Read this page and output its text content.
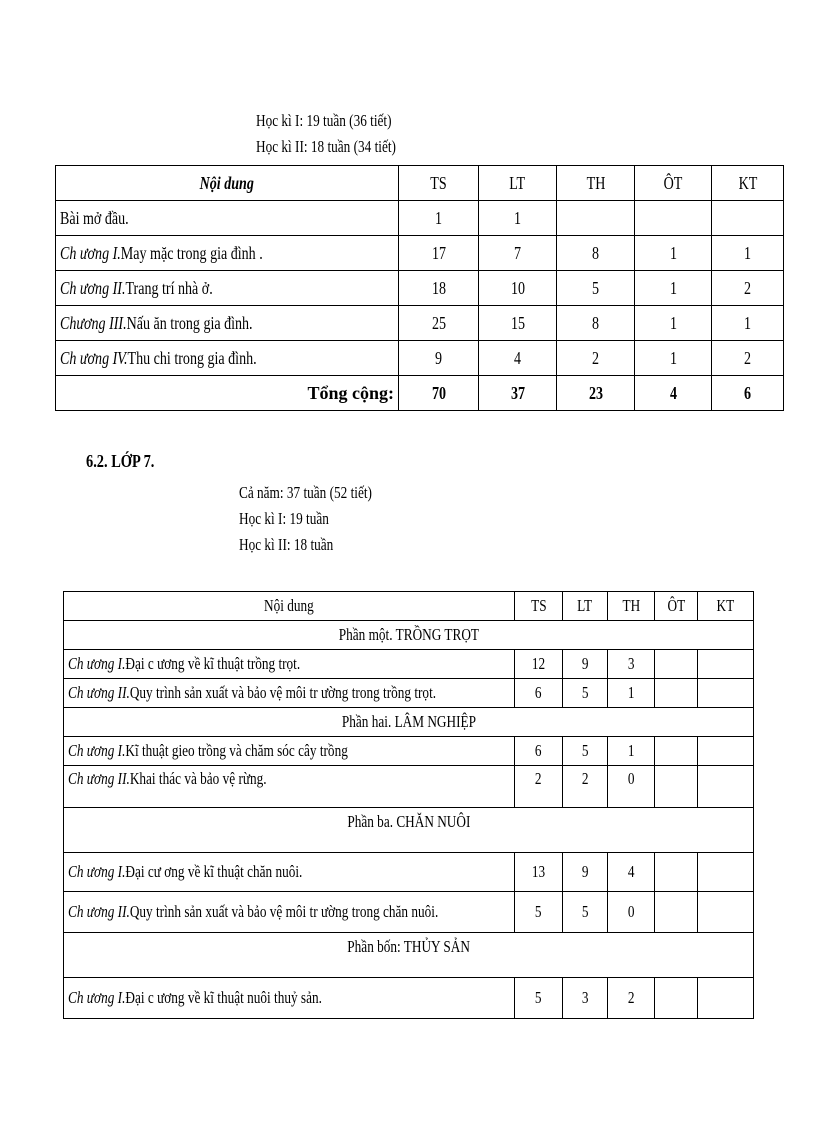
Học kì I: 19 tuần (36 tiết)
Học kì II: 18 tuần (34 tiết)
Nội dung	TS	LT	TH	ÔT	KT
Bài mở đầu.	1	1			
Ch ương I.May mặc trong gia đình .	17	7	8	1	1
Ch ương II.Trang trí nhà ở.	18	10	5	1	2
Chương III.Nấu ăn trong gia đình.	25	15	8	1	1
Ch ương IV.Thu chi trong gia đình.	9	4	2	1	2
Tổng cộng:	70	37	23	4	6
6.2. LỚP 7.
Cả năm: 37 tuần (52 tiết)
Học kì I: 19 tuần
Học kì II: 18 tuần
Nội dung	TS	LT	TH	ÔT	KT
Phần một. TRỒNG TRỌT					
Ch ương I.Đại c ương về kĩ thuật trồng trọt.	12	9	3		
Ch ương II.Quy trình sản xuất và bảo vệ môi tr ường trong trồng trọt.	6	5	1		
Phần hai. LÂM NGHIỆP					
Ch ương I.Kĩ thuật gieo trồng và chăm sóc cây trồng	6	5	1		
Ch ương II.Khai thác và bảo vệ rừng.	2	2	0		
Phần ba. CHĂN NUÔI					
Ch ương I.Đại cư ơng về kĩ thuật chăn nuôi.	13	9	4		
Ch ương II.Quy trình sản xuất và bảo vệ môi tr ường trong chăn nuôi.	5	5	0		
Phần bốn: THỦY SẢN					
Ch ương I.Đại c ương về kĩ thuật nuôi thuỷ sản.	5	3	2		
